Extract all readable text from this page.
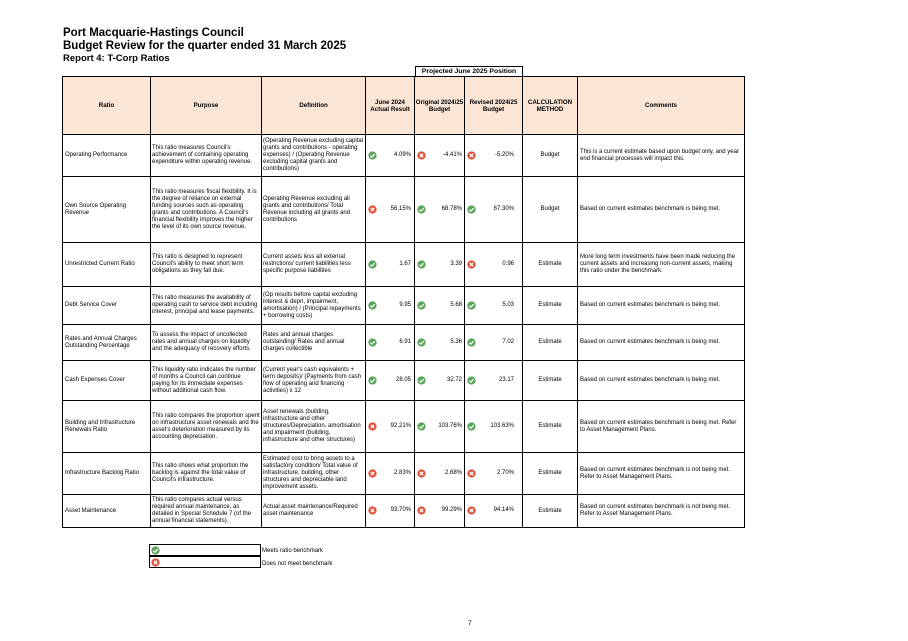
Port Macquarie-Hastings Council
Budget Review for the quarter ended 31 March 2025
Report 4: T-Corp Ratios
Projected June 2025 Position
Ratio	Purpose	Definition	June 2024 Actual Result	Original 2024/25 Budget	Revised 2024/25 Budget	CALCULATION METHOD	Comments
Operating Performance	This ratio measures Council's achievement of containing operating expenditure within operating revenue.	(Operating Revenue excluding capital grants and contributions - operating expenses) / (Operating Revenue excluding capital grants and contributions)	4.09%	-4.41%	-5.20%	Budget	This is a current estimate based upon budget only, and year end financial processes will impact this.
Own Source Operating Revenue	This ratio measures fiscal flexibility. It is the degree of reliance on external funding sources such as operating grants and contributions. A Council's financial flexibility improves the higher the level of its own source revenue.	Operating Revenue excluding all grants and contributions/ Total Revenue including all grants and contributions	56.15%	68.78%	67.30%	Budget	Based on current estimates benchmark is being met.
Unrestricted Current Ratio	This ratio is designed to represent Council's ability to meet short term obligations as they fall due.	Current assets less all external restrictions/ current liabilities less specific purpose liabilities	1.67	3.39	0.96	Estimate	More long term investments have been made reducing the current assets and increasing non-current assets, making this ratio under the benchmark.
Debt Service Cover	This ratio measures the availability of operating cash to service debt including interest, principal and lease payments.	(Op results before capital excluding interest & depn, impairment, amortisation) / (Principal repayments + borrowing costs)	9.95	5.68	5.03	Estimate	Based on current estimates benchmark is being met.
Rates and Annual Charges Outstanding Percentage	To assess the impact of uncollected rates and annual charges on liquidity and the adequacy of recovery efforts.	Rates and annual charges outstanding/ Rates and annual charges collectible	6.91	5.36	7.02	Estimate	Based on current estimates benchmark is being met.
Cash Expenses Cover	This liquidity ratio indicates the number of months a Council can continue paying for its immediate expenses without additional cash flow.	(Current year's cash equivalents + term deposits)/ (Payments from cash flow of operating and financing activities) x 12	28.05	32.72	23.17	Estimate	Based on current estimates benchmark is being met.
Building and Infrastructure Renewals Ratio	This ratio compares the proportion spent on infrastructure asset renewals and the asset's deterioration measured by its accounting depreciation.	Asset renewals (building, infrastructure and other structures/Depreciation, amortisation and impairment (building, infrastructure and other structures)	92.21%	103.76%	103.63%	Estimate	Based on current estimates benchmark is being met. Refer to Asset Management Plans.
Infrastructure Backlog Ratio	This ratio shows what proportion the backlog is against the total value of Council's infrastructure.	Estimated cost to bring assets to a satisfactory condition/ Total value of infrastructure, building, other structures and depreciable land improvement assets.	2.83%	2.68%	2.70%	Estimate	Based on current estimates benchmark is not being met. Refer to Asset Management Plans.
Asset Maintenance	This ratio compares actual versus required annual maintenance, as detailed in Special Schedule 7 (of the annual financial statements).	Actual asset maintenance/Required asset maintenance	93.70%	99.29%	94.14%	Estimate	Based on current estimates benchmark is not being met. Refer to Asset Management Plans.
Meets ratio benchmark
Does not meet benchmark
7
